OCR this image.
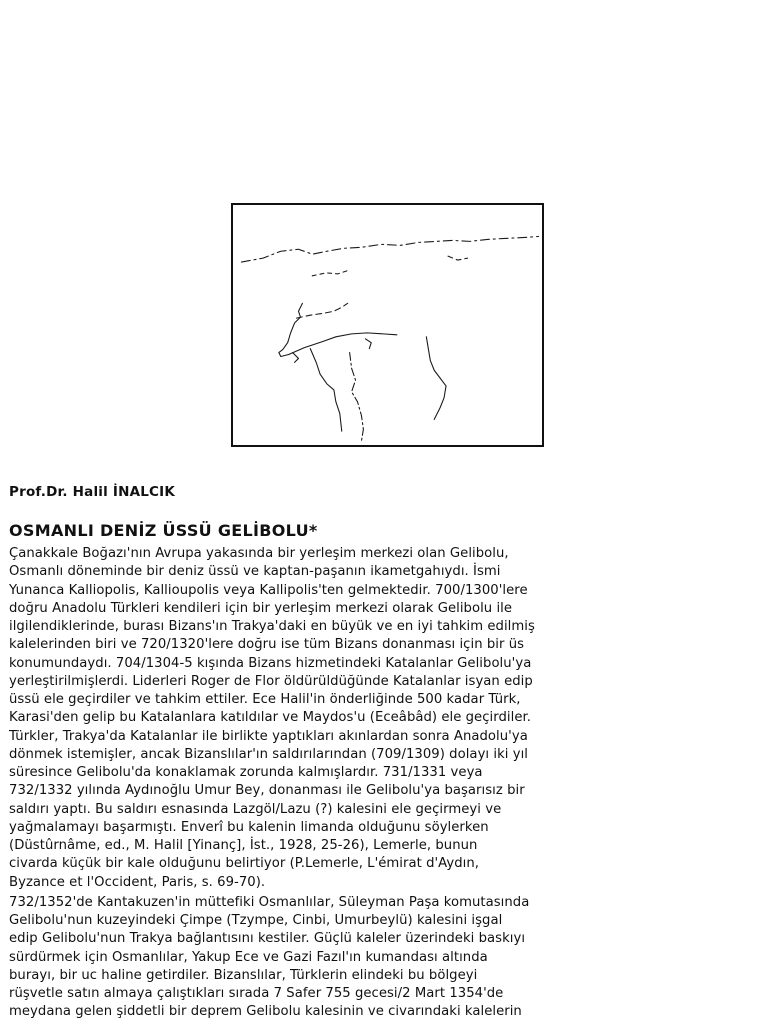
Prof.Dr. Halil İNALCIK
OSMANLI DENİZ ÜSSÜ GELİBOLU*
Çanakkale Boğazı'nın Avrupa yakasında bir yerleşim merkezi olan Gelibolu,
Osmanlı döneminde bir deniz üssü ve kaptan-paşanın ikametgahıydı. İsmi
Yunanca Kalliopolis, Kallioupolis veya Kallipolis'ten gelmektedir. 700/1300'lere
doğru Anadolu Türkleri kendileri için bir yerleşim merkezi olarak Gelibolu ile
ilgilendiklerinde, burası Bizans'ın Trakya'daki en büyük ve en iyi tahkim edilmiş
kalelerinden biri ve 720/1320'lere doğru ise tüm Bizans donanması için bir üs
konumundaydı. 704/1304-5 kışında Bizans hizmetindeki Katalanlar Gelibolu'ya
yerleştirilmişlerdi. Liderleri Roger de Flor öldürüldüğünde Katalanlar isyan edip
üssü ele geçirdiler ve tahkim ettiler. Ece Halil'in önderliğinde 500 kadar Türk,
Karasi'den gelip bu Katalanlara katıldılar ve Maydos'u (Eceâbâd) ele geçirdiler.
Türkler, Trakya'da Katalanlar ile birlikte yaptıkları akınlardan sonra Anadolu'ya
dönmek istemişler, ancak Bizanslılar'ın saldırılarından (709/1309) dolayı iki yıl
süresince Gelibolu'da konaklamak zorunda kalmışlardır. 731/1331 veya
732/1332 yılında Aydınoğlu Umur Bey, donanması ile Gelibolu'ya başarısız bir
saldırı yaptı. Bu saldırı esnasında Lazgöl/Lazu (?) kalesini ele geçirmeyi ve
yağmalamayı başarmıştı. Enverî bu kalenin limanda olduğunu söylerken
(Düstûrnâme, ed., M. Halil [Yinanç], İst., 1928, 25-26), Lemerle, bunun
civarda küçük bir kale olduğunu belirtiyor (P.Lemerle, L'émirat d'Aydın,
Byzance et l'Occident, Paris, s. 69-70).
732/1352'de Kantakuzen'in müttefiki Osmanlılar, Süleyman Paşa komutasında
Gelibolu'nun kuzeyindeki Çimpe (Tzympe, Cinbi, Umurbeylü) kalesini işgal
edip Gelibolu'nun Trakya bağlantısını kestiler. Güçlü kaleler üzerindeki baskıyı
sürdürmek için Osmanlılar, Yakup Ece ve Gazi Fazıl'ın kumandası altında
burayı, bir uc haline getirdiler. Bizanslılar, Türklerin elindeki bu bölgeyi
rüşvetle satın almaya çalıştıkları sırada 7 Safer 755 gecesi/2 Mart 1354'de
meydana gelen şiddetli bir deprem Gelibolu kalesinin ve civarındaki kalelerin
